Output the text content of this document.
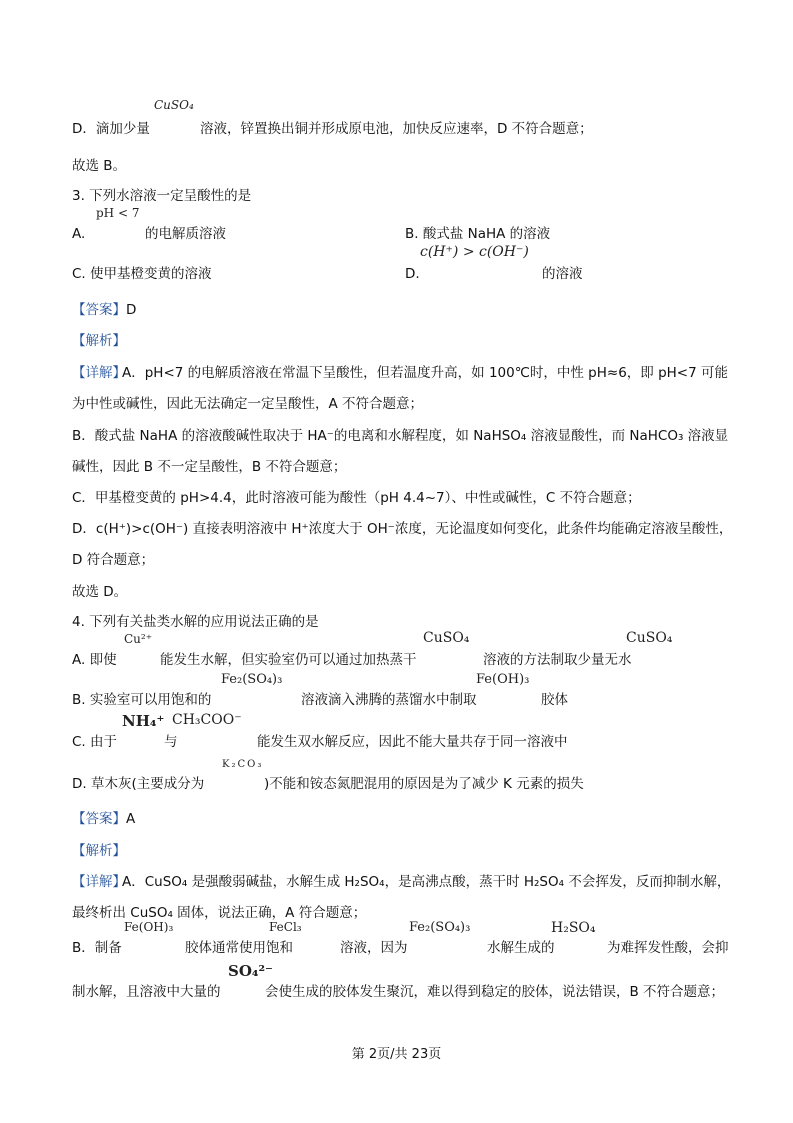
CuSO₄
D．滴加少量	溶液，锌置换出铜并形成原电池，加快反应速率，D 不符合题意；
故选 B。
3. 下列水溶液一定呈酸性的是
pH < 7
A.	的电解质溶液	B. 酸式盐 NaHA 的溶液
c(H⁺) > c(OH⁻)
C. 使甲基橙变黄的溶液	D.	的溶液
【答案】 D
【解析】
【详解】
A．pH<7 的电解质溶液在常温下呈酸性，但若温度升高，如 100℃时，中性 pH≈6，即 pH<7 可能
为中性或碱性，因此无法确定一定呈酸性，A 不符合题意；
B．酸式盐 NaHA 的溶液酸碱性取决于 HA⁻的电离和水解程度，如 NaHSO₄ 溶液显酸性，而 NaHCO₃ 溶液显
碱性，因此 B 不一定呈酸性，B 不符合题意；
C．甲基橙变黄的 pH>4.4，此时溶液可能为酸性（pH 4.4~7）、中性或碱性，C 不符合题意；
D．c(H⁺)>c(OH⁻) 直接表明溶液中 H⁺浓度大于 OH⁻浓度，无论温度如何变化，此条件均能确定溶液呈酸性，
D 符合题意；
故选 D。
4. 下列有关盐类水解的应用说法正确的是
Cu²⁺	CuSO₄	CuSO₄
A. 即使	能发生水解，但实验室仍可以通过加热蒸干	溶液的方法制取少量无水
Fe₂(SO₄)₃	Fe(OH)₃
B. 实验室可以用饱和的	溶液滴入沸腾的蒸馏水中制取	胶体
NH₄⁺ CH₃COO⁻
C. 由于	与	能发生双水解反应，因此不能大量共存于同一溶液中
K₂CO₃
D. 草木灰(主要成分为	)不能和铵态氮肥混用的原因是为了减少 K 元素的损失
【答案】 A
【解析】
【详解】
A．CuSO₄ 是强酸弱碱盐，水解生成 H₂SO₄，是高沸点酸，蒸干时 H₂SO₄ 不会挥发，反而抑制水解，
最终析出 CuSO₄ 固体，说法正确，A 符合题意；
Fe(OH)₃	FeCl₃	Fe₂(SO₄)₃	H₂SO₄
B．制备	胶体通常使用饱和	溶液，因为	水解生成的	为难挥发性酸，会抑
SO₄²⁻
制水解，且溶液中大量的	会使生成的胶体发生聚沉，难以得到稳定的胶体，说法错误，B 不符合题意；
第 2页/共 23页
